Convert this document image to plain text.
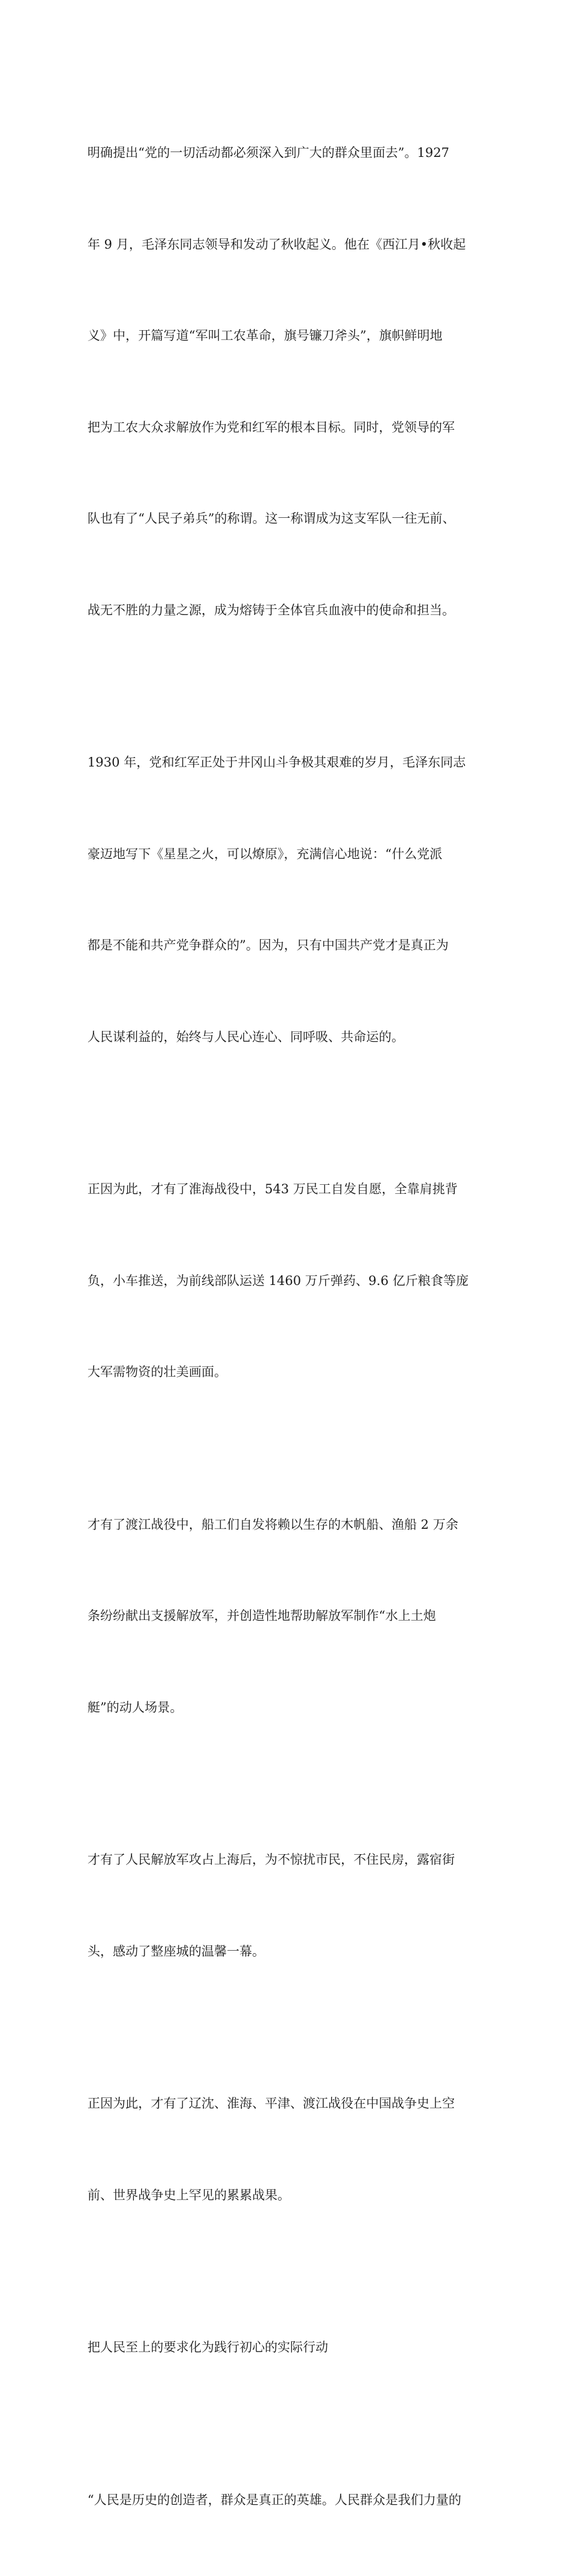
明确提出“党的一切活动都必须深入到广大的群众里面去”。1927

年 9 月，毛泽东同志领导和发动了秋收起义。他在《西江月•秋收起

义》中，开篇写道“军叫工农革命，旗号镰刀斧头”，旗帜鲜明地

把为工农大众求解放作为党和红军的根本目标。同时，党领导的军

队也有了“人民子弟兵”的称谓。这一称谓成为这支军队一往无前、

战无不胜的力量之源，成为熔铸于全体官兵血液中的使命和担当。

1930 年，党和红军正处于井冈山斗争极其艰难的岁月，毛泽东同志

豪迈地写下《星星之火，可以燎原》，充满信心地说：“什么党派

都是不能和共产党争群众的”。因为，只有中国共产党才是真正为

人民谋利益的，始终与人民心连心、同呼吸、共命运的。

正因为此，才有了淮海战役中，543 万民工自发自愿，全靠肩挑背

负，小车推送，为前线部队运送 1460 万斤弹药、9.6 亿斤粮食等庞

大军需物资的壮美画面。

才有了渡江战役中，船工们自发将赖以生存的木帆船、渔船 2 万余

条纷纷献出支援解放军，并创造性地帮助解放军制作“水上土炮

艇”的动人场景。

才有了人民解放军攻占上海后，为不惊扰市民，不住民房，露宿街

头，感动了整座城的温馨一幕。

正因为此，才有了辽沈、淮海、平津、渡江战役在中国战争史上空

前、世界战争史上罕见的累累战果。

把人民至上的要求化为践行初心的实际行动

“人民是历史的创造者，群众是真正的英雄。人民群众是我们力量的
